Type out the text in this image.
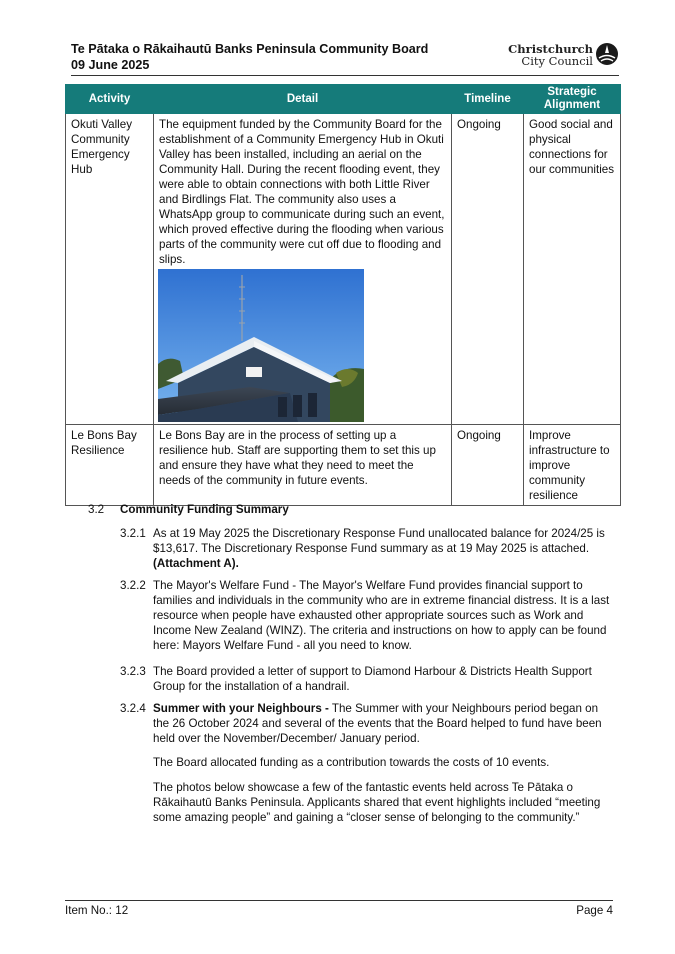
Te Pātaka o Rākaihautū Banks Peninsula Community Board
09 June 2025
Christchurch
City Council
Activity	Detail	Timeline	Strategic Alignment
Okuti Valley Community Emergency Hub	The equipment funded by the Community Board for the establishment of a Community Emergency Hub in Okuti Valley has been installed, including an aerial on the Community Hall. During the recent flooding event, they were able to obtain connections with both Little River and Birdlings Flat. The community also uses a WhatsApp group to communicate during such an event, which proved effective during the flooding when various parts of the community were cut off due to flooding and slips.	Ongoing	Good social and physical connections for our communities
Le Bons Bay Resilience	Le Bons Bay are in the process of setting up a resilience hub. Staff are supporting them to set this up and ensure they have what they need to meet the needs of the community in future events.	Ongoing	Improve infrastructure to improve community resilience
3.2 Community Funding Summary
3.2.1 As at 19 May 2025 the Discretionary Response Fund unallocated balance for 2024/25 is $13,617. The Discretionary Response Fund summary as at 19 May 2025 is attached. (Attachment A).
3.2.2 The Mayor's Welfare Fund - The Mayor's Welfare Fund provides financial support to families and individuals in the community who are in extreme financial distress. It is a last resource when people have exhausted other appropriate sources such as Work and Income New Zealand (WINZ). The criteria and instructions on how to apply can be found here: Mayors Welfare Fund - all you need to know.
3.2.3 The Board provided a letter of support to Diamond Harbour & Districts Health Support Group for the installation of a handrail.
3.2.4 Summer with your Neighbours - The Summer with your Neighbours period began on the 26 October 2024 and several of the events that the Board helped to fund have been held over the November/December/ January period.
The Board allocated funding as a contribution towards the costs of 10 events.
The photos below showcase a few of the fantastic events held across Te Pātaka o Rākaihautū Banks Peninsula. Applicants shared that event highlights included “meeting some amazing people” and gaining a “closer sense of belonging to the community.”
Item No.: 12	Page 4
